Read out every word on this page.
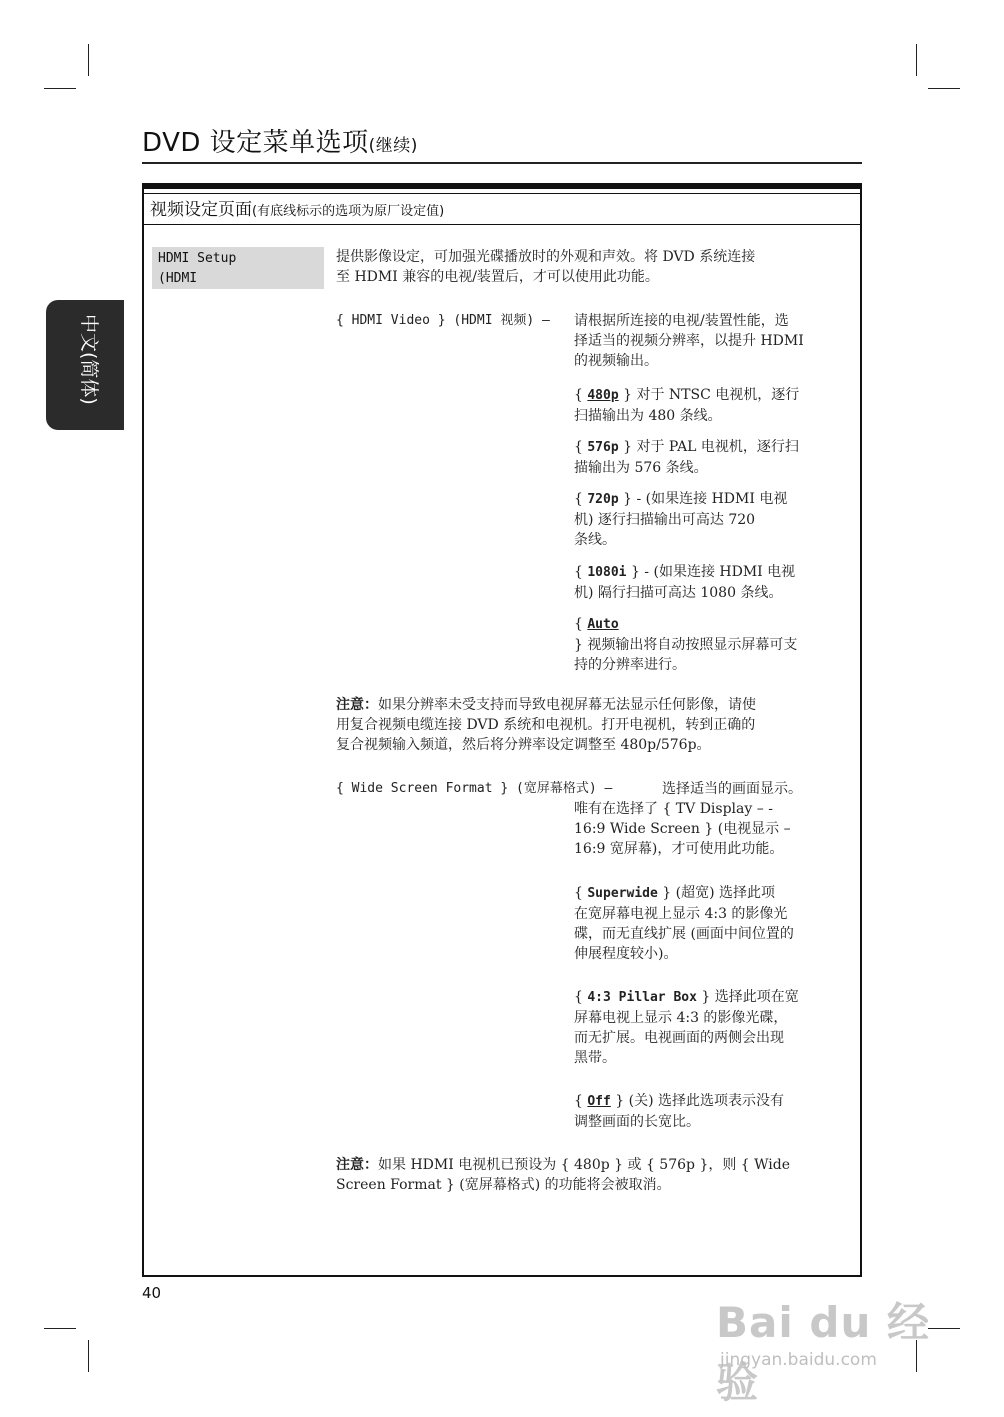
DVD 设定菜单选项(继续)
中文(简体)
视频设定页面(有底线标示的选项为原厂设定值)
HDMI Setup
(HDMI
提供影像设定，可加强光碟播放时的外观和声效。将 DVD 系统连接
至 HDMI 兼容的电视/装置后，才可以使用此功能。
{ HDMI Video } (HDMI 视频) – 请根据所连接的电视/装置性能，选
择适当的视频分辨率，以提升 HDMI
的视频输出。
{ 480p } 对于 NTSC 电视机，逐行
扫描输出为 480 条线。
{ 576p } 对于 PAL 电视机，逐行扫
描输出为 576 条线。
{ 720p } - (如果连接 HDMI 电视
机) 逐行扫描输出可高达 720
条线。
{ 1080i } - (如果连接 HDMI 电视
机) 隔行扫描可高达 1080 条线。
{ Auto
} 视频输出将自动按照显示屏幕可支
持的分辨率进行。
注意：如果分辨率未受支持而导致电视屏幕无法显示任何影像，请使
用复合视频电缆连接 DVD 系统和电视机。打开电视机，转到正确的
复合视频输入频道，然后将分辨率设定调整至 480p/576p。
{ Wide Screen Format } (宽屏幕格式) –	选择适当的画面显示。
唯有在选择了 { TV Display – -
16:9 Wide Screen } (电视显示 –
16:9 宽屏幕)，才可使用此功能。
{ Superwide } (超宽) 选择此项
在宽屏幕电视上显示 4:3 的影像光
碟，而无直线扩展 (画面中间位置的
伸展程度较小)。
{ 4:3 Pillar Box } 选择此项在宽
屏幕电视上显示 4:3 的影像光碟，
而无扩展。电视画面的两侧会出现
黑带。
{ Off } (关) 选择此选项表示没有
调整画面的长宽比。
注意：如果 HDMI 电视机已预设为 { 480p } 或 { 576p }，则 { Wide
Screen Format } (宽屏幕格式) 的功能将会被取消。
40
Bai du 经验
jingyan.baidu.com
